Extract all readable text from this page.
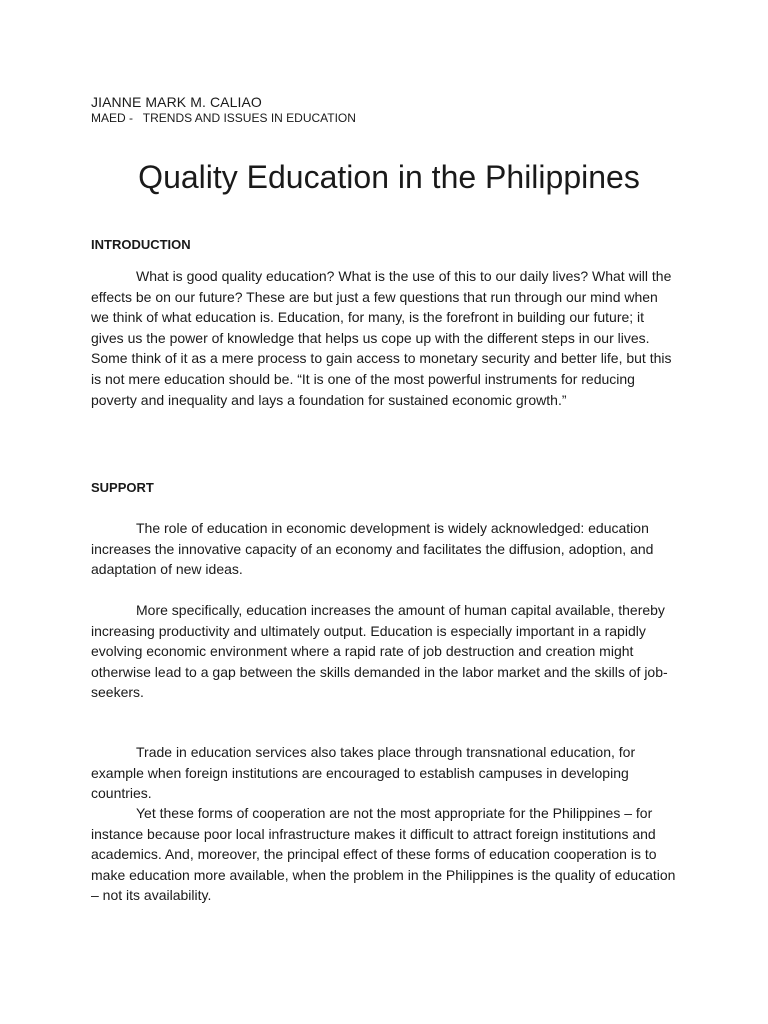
JIANNE MARK M. CALIAO
MAED -   TRENDS AND ISSUES IN EDUCATION
Quality Education in the Philippines
INTRODUCTION

What is good quality education? What is the use of this to our daily lives? What will the effects be on our future? These are but just a few questions that run through our mind when we think of what education is. Education, for many, is the forefront in building our future; it gives us the power of knowledge that helps us cope up with the different steps in our lives. Some think of it as a mere process to gain access to monetary security and better life, but this is not mere education should be. “It is one of the most powerful instruments for reducing poverty and inequality and lays a foundation for sustained economic growth.”

SUPPORT

The role of education in economic development is widely acknowledged: education increases the innovative capacity of an economy and facilitates the diffusion, adoption, and adaptation of new ideas.

More specifically, education increases the amount of human capital available, thereby increasing productivity and ultimately output. Education is especially important in a rapidly evolving economic environment where a rapid rate of job destruction and creation might otherwise lead to a gap between the skills demanded in the labor market and the skills of job-seekers.

Trade in education services also takes place through transnational education, for example when foreign institutions are encouraged to establish campuses in developing countries.

Yet these forms of cooperation are not the most appropriate for the Philippines – for instance because poor local infrastructure makes it difficult to attract foreign institutions and academics. And, moreover, the principal effect of these forms of education cooperation is to make education more available, when the problem in the Philippines is the quality of education – not its availability.
